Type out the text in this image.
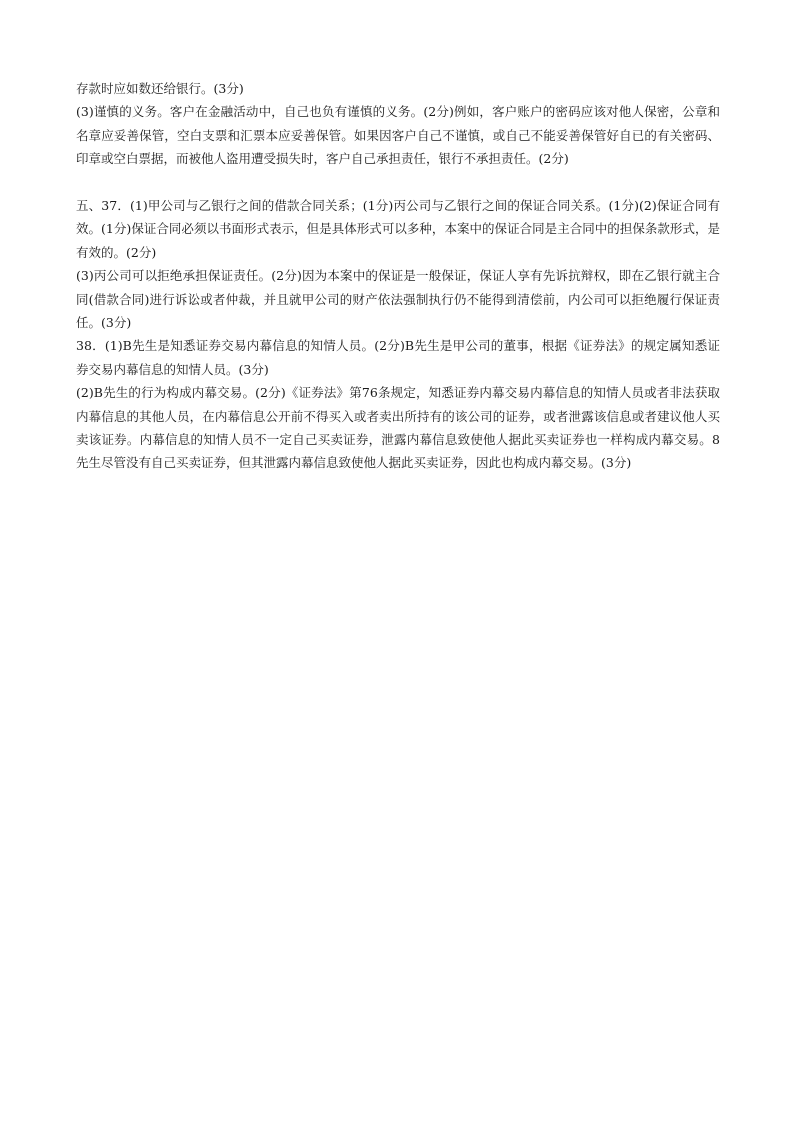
存款时应如数还给银行。(3分)

(3)谨慎的义务。客户在金融活动中，自己也负有谨慎的义务。(2分)例如，客户账户的密码应该对他人保密，公章和名章应妥善保管，空白支票和汇票本应妥善保管。如果因客户自己不谨慎，或自己不能妥善保管好自已的有关密码、印章或空白票据，而被他人盗用遭受损失时，客户自己承担责任，银行不承担责任。(2分)

五、37．(1)甲公司与乙银行之间的借款合同关系；(1分)丙公司与乙银行之间的保证合同关系。(1分)(2)保证合同有效。(1分)保证合同必须以书面形式表示，但是具体形式可以多种，本案中的保证合同是主合同中的担保条款形式，是有效的。(2分)

(3)丙公司可以拒绝承担保证责任。(2分)因为本案中的保证是一般保证，保证人享有先诉抗辩权，即在乙银行就主合同(借款合同)进行诉讼或者仲裁，并且就甲公司的财产依法强制执行仍不能得到清偿前，内公司可以拒绝履行保证责任。(3分)

38．(1)B先生是知悉证券交易内幕信息的知情人员。(2分)B先生是甲公司的董事，根据《证券法》的规定属知悉证券交易内幕信息的知情人员。(3分)

(2)B先生的行为构成内幕交易。(2分)《证券法》第76条规定，知悉证券内幕交易内幕信息的知情人员或者非法获取内幕信息的其他人员，在内幕信息公开前不得买入或者卖出所持有的该公司的证券，或者泄露该信息或者建议他人买卖该证券。内幕信息的知情人员不一定自己买卖证券，泄露内幕信息致使他人据此买卖证券也一样构成内幕交易。8先生尽管没有自己买卖证券，但其泄露内幕信息致使他人据此买卖证券，因此也构成内幕交易。(3分)
